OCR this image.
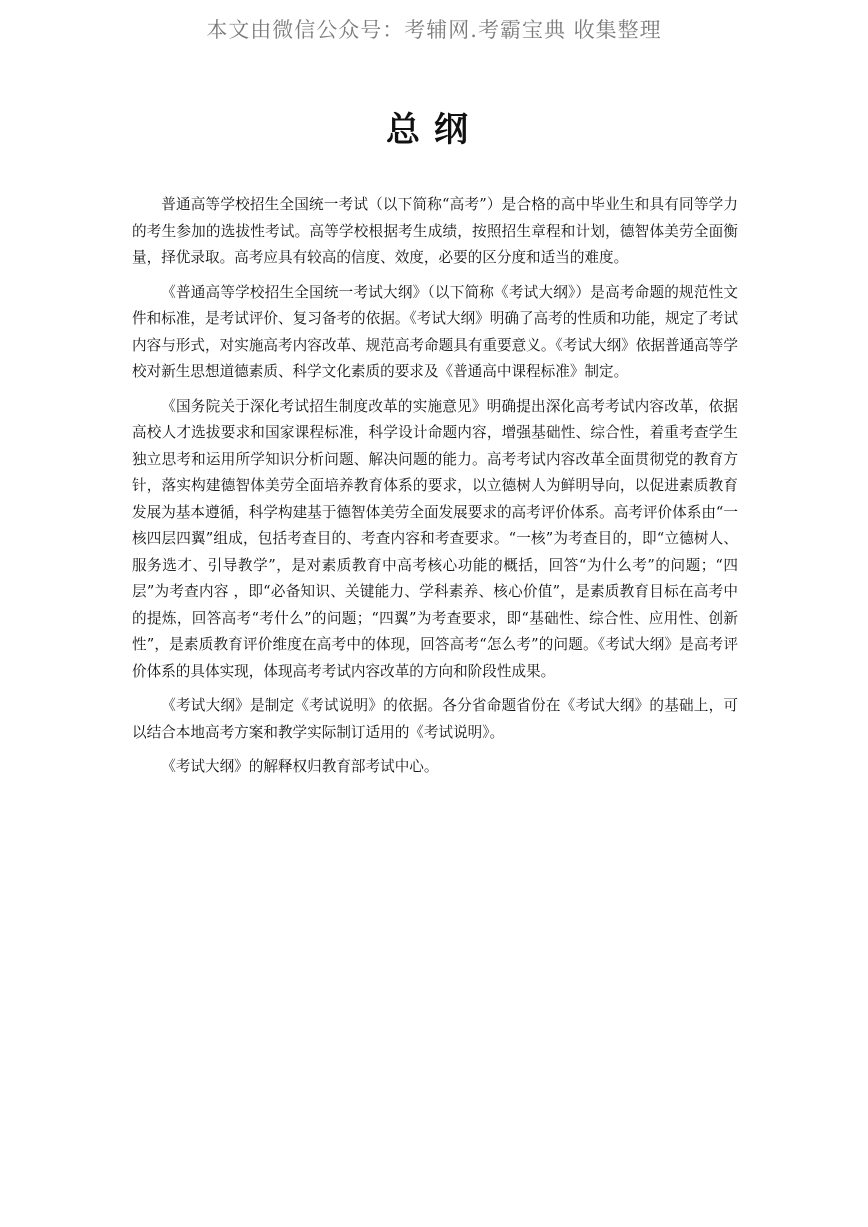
本文由微信公众号：考辅网.考霸宝典 收集整理
总纲

普通高等学校招生全国统一考试（以下简称“高考”）是合格的高中毕业生和具有同等学力的考生参加的选拔性考试。高等学校根据考生成绩，按照招生章程和计划，德智体美劳全面衡量，择优录取。高考应具有较高的信度、效度，必要的区分度和适当的难度。

《普通高等学校招生全国统一考试大纲》（以下简称《考试大纲》）是高考命题的规范性文件和标准，是考试评价、复习备考的依据。《考试大纲》明确了高考的性质和功能，规定了考试内容与形式，对实施高考内容改革、规范高考命题具有重要意义。《考试大纲》依据普通高等学校对新生思想道德素质、科学文化素质的要求及《普通高中课程标准》制定。

《国务院关于深化考试招生制度改革的实施意见》明确提出深化高考考试内容改革，依据高校人才选拔要求和国家课程标准，科学设计命题内容，增强基础性、综合性，着重考查学生独立思考和运用所学知识分析问题、解决问题的能力。高考考试内容改革全面贯彻党的教育方针，落实构建德智体美劳全面培养教育体系的要求，以立德树人为鲜明导向，以促进素质教育发展为基本遵循，科学构建基于德智体美劳全面发展要求的高考评价体系。高考评价体系由“一核四层四翼”组成，包括考查目的、考查内容和考查要求。“一核”为考查目的，即“立德树人、服务选才、引导教学”，是对素质教育中高考核心功能的概括，回答“为什么考”的问题；“四层”为考查内容 ，即“必备知识、关键能力、学科素养、核心价值”，是素质教育目标在高考中的提炼，回答高考“考什么”的问题；“四翼”为考查要求，即“基础性、综合性、应用性、创新性”，是素质教育评价维度在高考中的体现，回答高考“怎么考”的问题。《考试大纲》是高考评价体系的具体实现，体现高考考试内容改革的方向和阶段性成果。

《考试大纲》是制定《考试说明》的依据。各分省命题省份在《考试大纲》的基础上，可以结合本地高考方案和教学实际制订适用的《考试说明》。

《考试大纲》的解释权归教育部考试中心。
